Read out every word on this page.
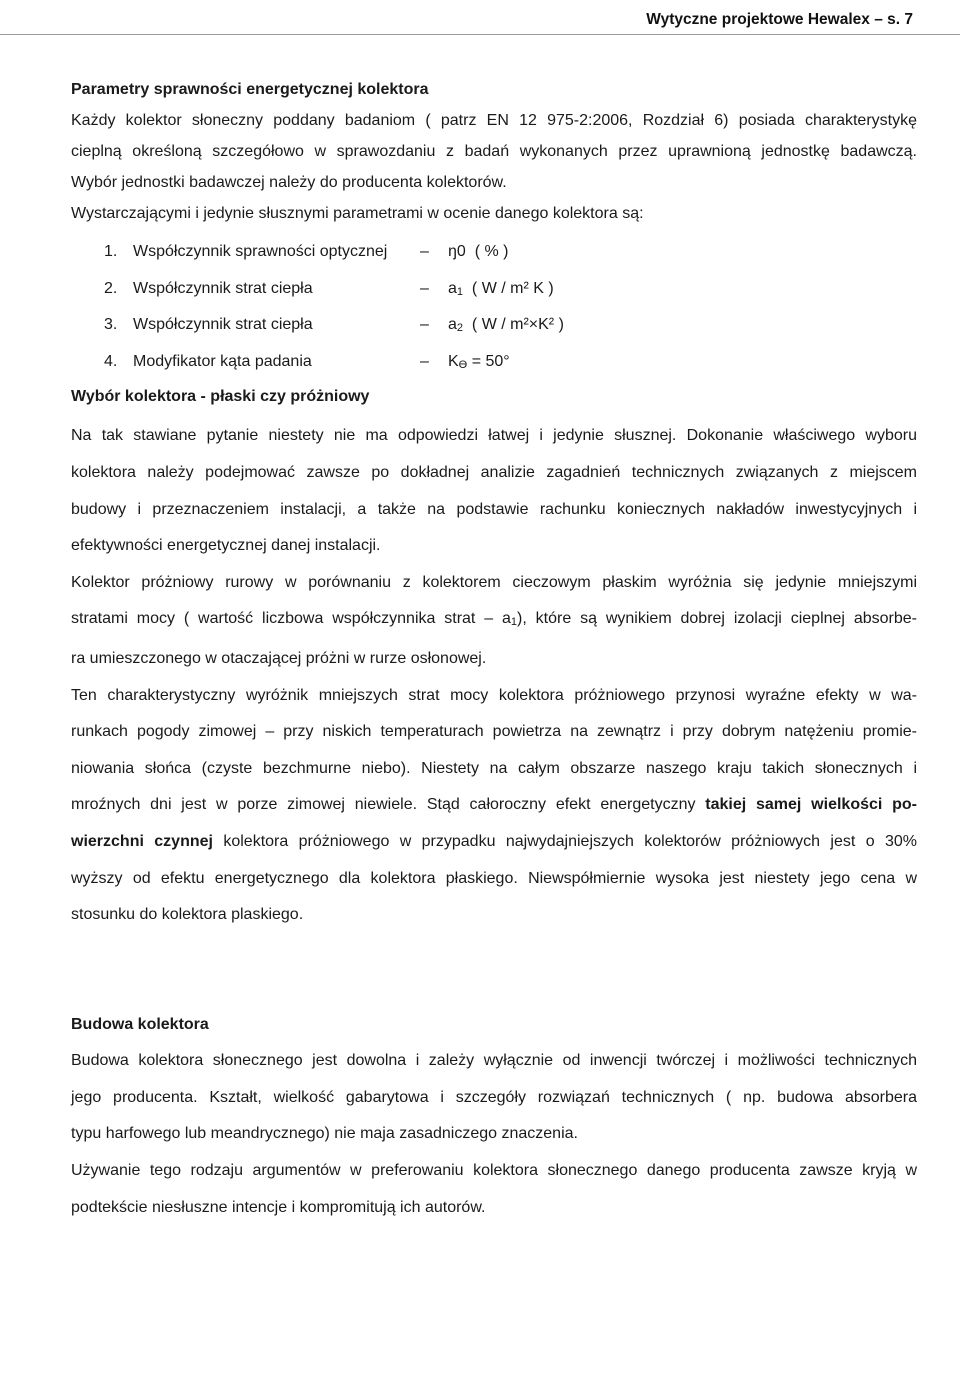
Wytyczne projektowe Hewalex – s. 7
Parametry sprawności energetycznej kolektora

Każdy kolektor słoneczny poddany badaniom ( patrz EN 12 975-2:2006, Rozdział 6) posiada charakterystykę

cieplną określoną szczegółowo w sprawozdaniu z badań wykonanych przez uprawnioną jednostkę badawczą.

Wybór jednostki badawczej należy do producenta kolektorów.

Wystarczającymi i jedynie słusznymi parametrami w ocenie danego kolektora są:

1. Współczynnik sprawności optycznej	–	ŋ0 ( % )
2. Współczynnik strat ciepła	–	$a_1$ ( W / m² K )
3. Współczynnik strat ciepła	–	$a_2$ ( W / m²×K² )
4. Modyfikator kąta padania	–	$K_ϴ = 50^\circ$
Wybór kolektora - płaski czy próżniowy

Na tak stawiane pytanie niestety nie ma odpowiedzi łatwej i jedynie słusznej. Dokonanie właściwego wyboru

kolektora należy podejmować zawsze po dokładnej analizie zagadnień technicznych związanych z miejscem

budowy i przeznaczeniem instalacji, a także na podstawie rachunku koniecznych nakładów inwestycyjnych i

efektywności energetycznej danej instalacji.

Kolektor próżniowy rurowy w porównaniu z kolektorem cieczowym płaskim wyróżnia się jedynie mniejszymi

stratami mocy ( wartość liczbowa współczynnika strat – $a_1$), które są wynikiem dobrej izolacji cieplnej absorbe-

ra umieszczonego w otaczającej próżni w rurze osłonowej.

Ten charakterystyczny wyróżnik mniejszych strat mocy kolektora próżniowego przynosi wyraźne efekty w wa-

runkach pogody zimowej – przy niskich temperaturach powietrza na zewnątrz i przy dobrym natężeniu promie-

niowania słońca (czyste bezchmurne niebo). Niestety na całym obszarze naszego kraju takich słonecznych i

mroźnych dni jest w porze zimowej niewiele. Stąd całoroczny efekt energetyczny takiej samej wielkości po-

wierzchni czynnej kolektora próżniowego w przypadku najwydajniejszych kolektorów próżniowych jest o 30%

wyższy od efektu energetycznego dla kolektora płaskiego. Niewspółmiernie wysoka jest niestety jego cena w

stosunku do kolektora plaskiego.

Budowa kolektora

Budowa kolektora słonecznego jest dowolna i zależy wyłącznie od inwencji twórczej i możliwości technicznych

jego producenta. Kształt, wielkość gabarytowa i szczegóły rozwiązań technicznych ( np. budowa absorbera

typu harfowego lub meandrycznego) nie maja zasadniczego znaczenia.

Używanie tego rodzaju argumentów w preferowaniu kolektora słonecznego danego producenta zawsze kryją w

podtekście niesłuszne intencje i kompromitują ich autorów.
